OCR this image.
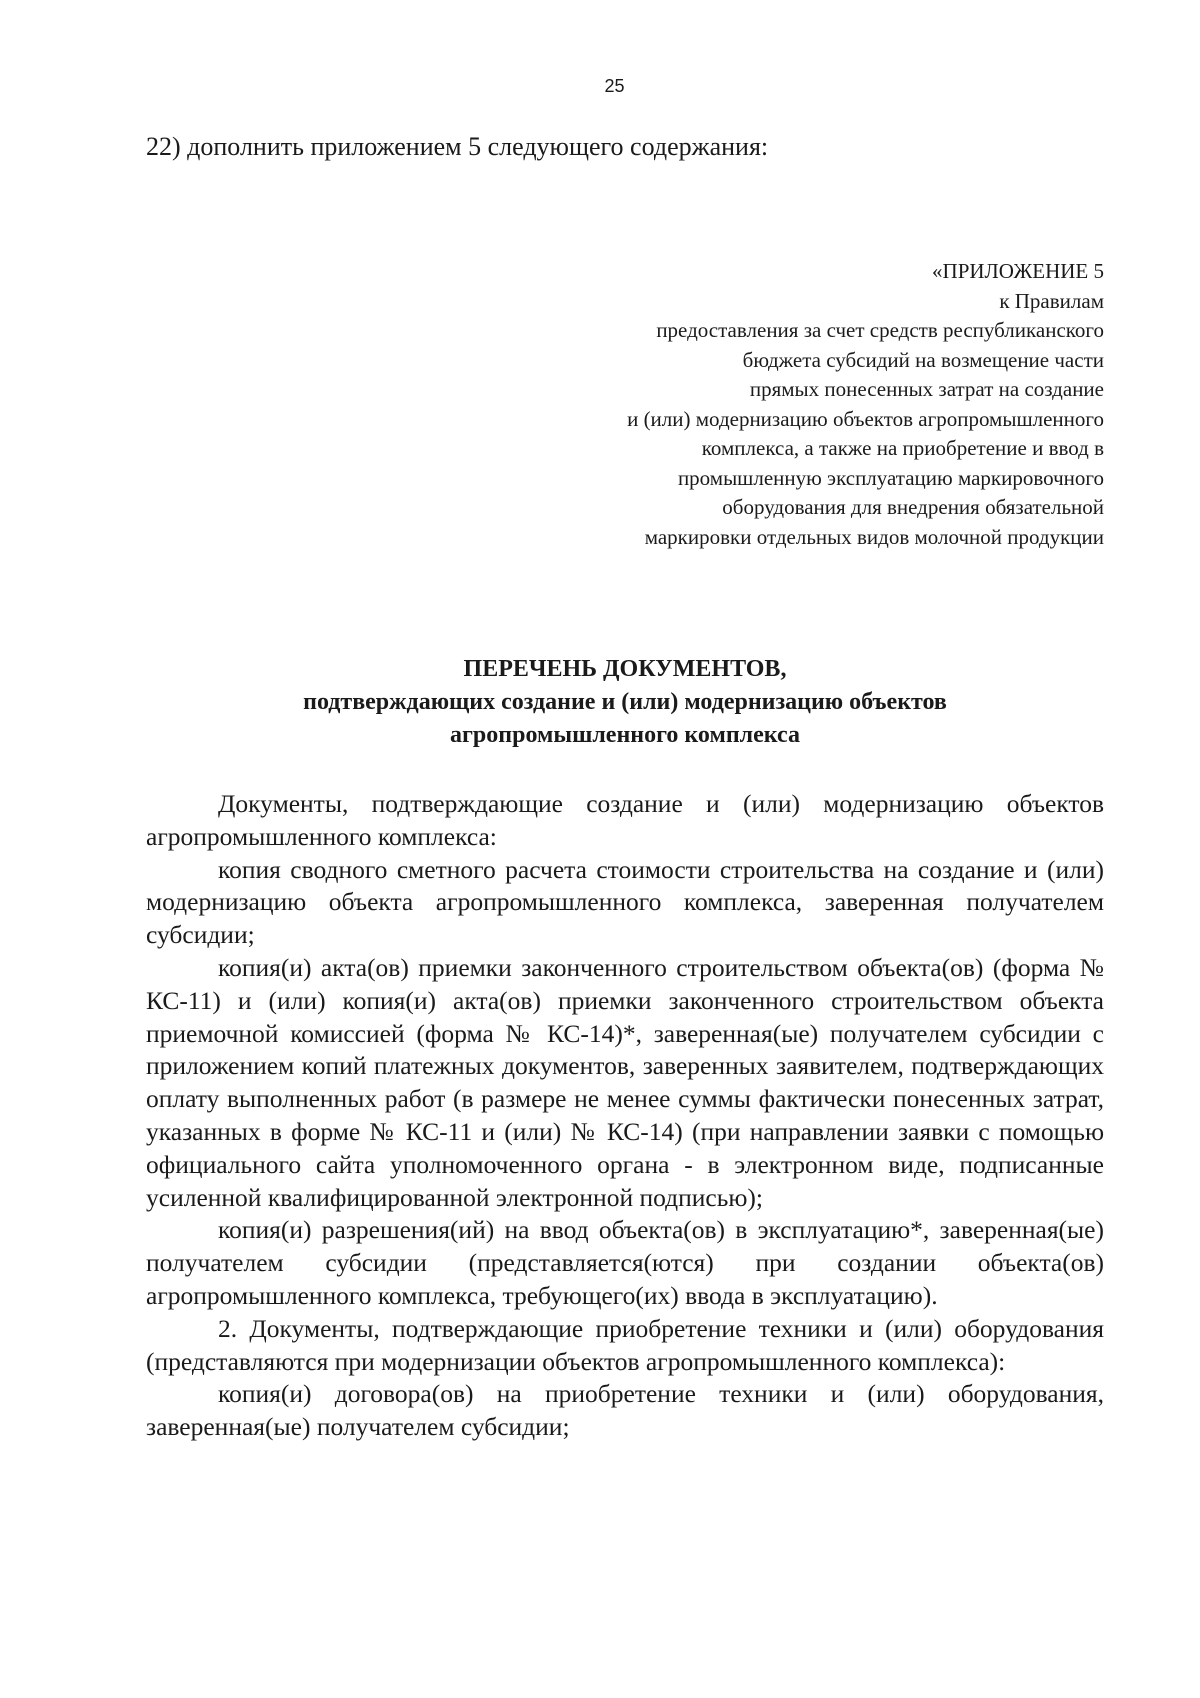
25
22) дополнить приложением 5 следующего содержания:
«ПРИЛОЖЕНИЕ 5
к Правилам
предоставления за счет средств республиканского
бюджета субсидий на возмещение части
прямых понесенных затрат на создание
и (или) модернизацию объектов агропромышленного
комплекса, а также на приобретение и ввод в
промышленную эксплуатацию маркировочного
оборудования для внедрения обязательной
маркировки отдельных видов молочной продукции
ПЕРЕЧЕНЬ ДОКУМЕНТОВ,
подтверждающих создание и (или) модернизацию объектов
агропромышленного комплекса

Документы, подтверждающие создание и (или) модернизацию объектов агропромышленного комплекса:

копия сводного сметного расчета стоимости строительства на создание и (или) модернизацию объекта агропромышленного комплекса, заверенная получателем субсидии;

копия(и) акта(ов) приемки законченного строительством объекта(ов) (форма № КС-11) и (или) копия(и) акта(ов) приемки законченного строительством объекта приемочной комиссией (форма № КС-14)*, заверенная(ые) получателем субсидии с приложением копий платежных документов, заверенных заявителем, подтверждающих оплату выполненных работ (в размере не менее суммы фактически понесенных затрат, указанных в форме № КС-11 и (или) № КС-14) (при направлении заявки с помощью официального сайта уполномоченного органа - в электронном виде, подписанные усиленной квалифицированной электронной подписью);

копия(и) разрешения(ий) на ввод объекта(ов) в эксплуатацию*, заверенная(ые) получателем субсидии (представляется(ются) при создании объекта(ов) агропромышленного комплекса, требующего(их) ввода в эксплуатацию).

2. Документы, подтверждающие приобретение техники и (или) оборудования (представляются при модернизации объектов агропромышленного комплекса):

копия(и) договора(ов) на приобретение техники и (или) оборудования, заверенная(ые) получателем субсидии;
